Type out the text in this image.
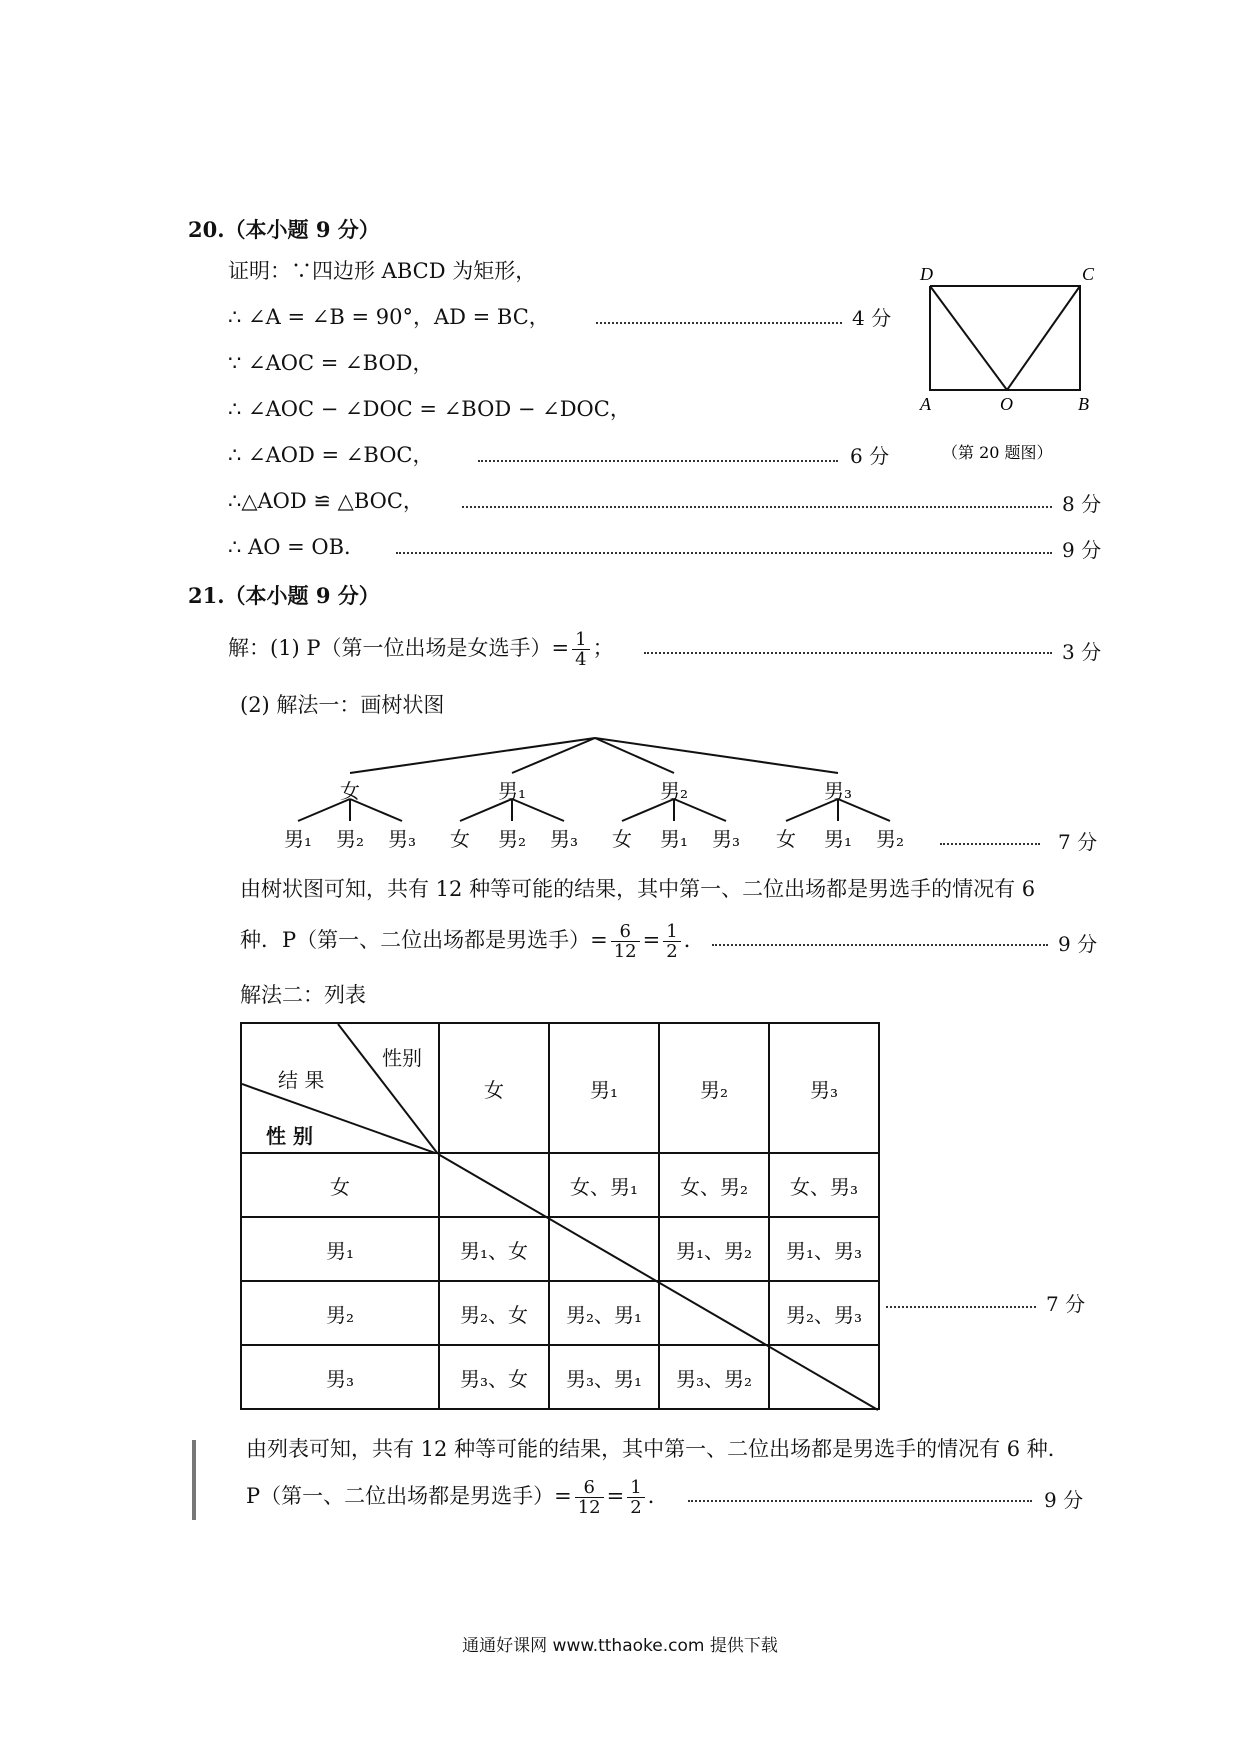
20.（本小题 9 分）
证明：∵四边形 ABCD 为矩形，
∴ ∠A = ∠B = 90°，AD = BC，	4 分
∵ ∠AOC = ∠BOD，
∴ ∠AOC − ∠DOC = ∠BOD − ∠DOC，
∴ ∠AOD = ∠BOC，	6 分
∴△AOD ≌ △BOC，	8 分
∴ AO = OB．	9 分
D	C
A	O	B
（第 20 题图）
21.（本小题 9 分）
解：(1) P（第一位出场是女选手）= $\frac{1}{4}$ ；	3 分
(2) 解法一：画树状图
女	男₁	男₂	男₃
男₁ 男₂ 男₃ 女 男₂ 男₃ 女 男₁ 男₃ 女 男₁ 男₂	7 分
由树状图可知，共有 12 种等可能的结果，其中第一、二位出场都是男选手的情况有 6
种．P（第一、二位出场都是男选手）= $\frac{6}{12} = \frac{1}{2}$ ．	9 分
解法二：列表
性别
结 果
性 别	女	男₁	男₂	男₃
女		女、男₁	女、男₂	女、男₃
男₁	男₁、女		男₁、男₂	男₁、男₃
男₂	男₂、女	男₂、男₁		男₂、男₃
男₃	男₃、女	男₃、男₁	男₃、男₂	
7 分
由列表可知，共有 12 种等可能的结果，其中第一、二位出场都是男选手的情况有 6 种．
P（第一、二位出场都是男选手）= $\frac{6}{12} = \frac{1}{2}$ ．	9 分
通通好课网 www.tthaoke.com 提供下载
